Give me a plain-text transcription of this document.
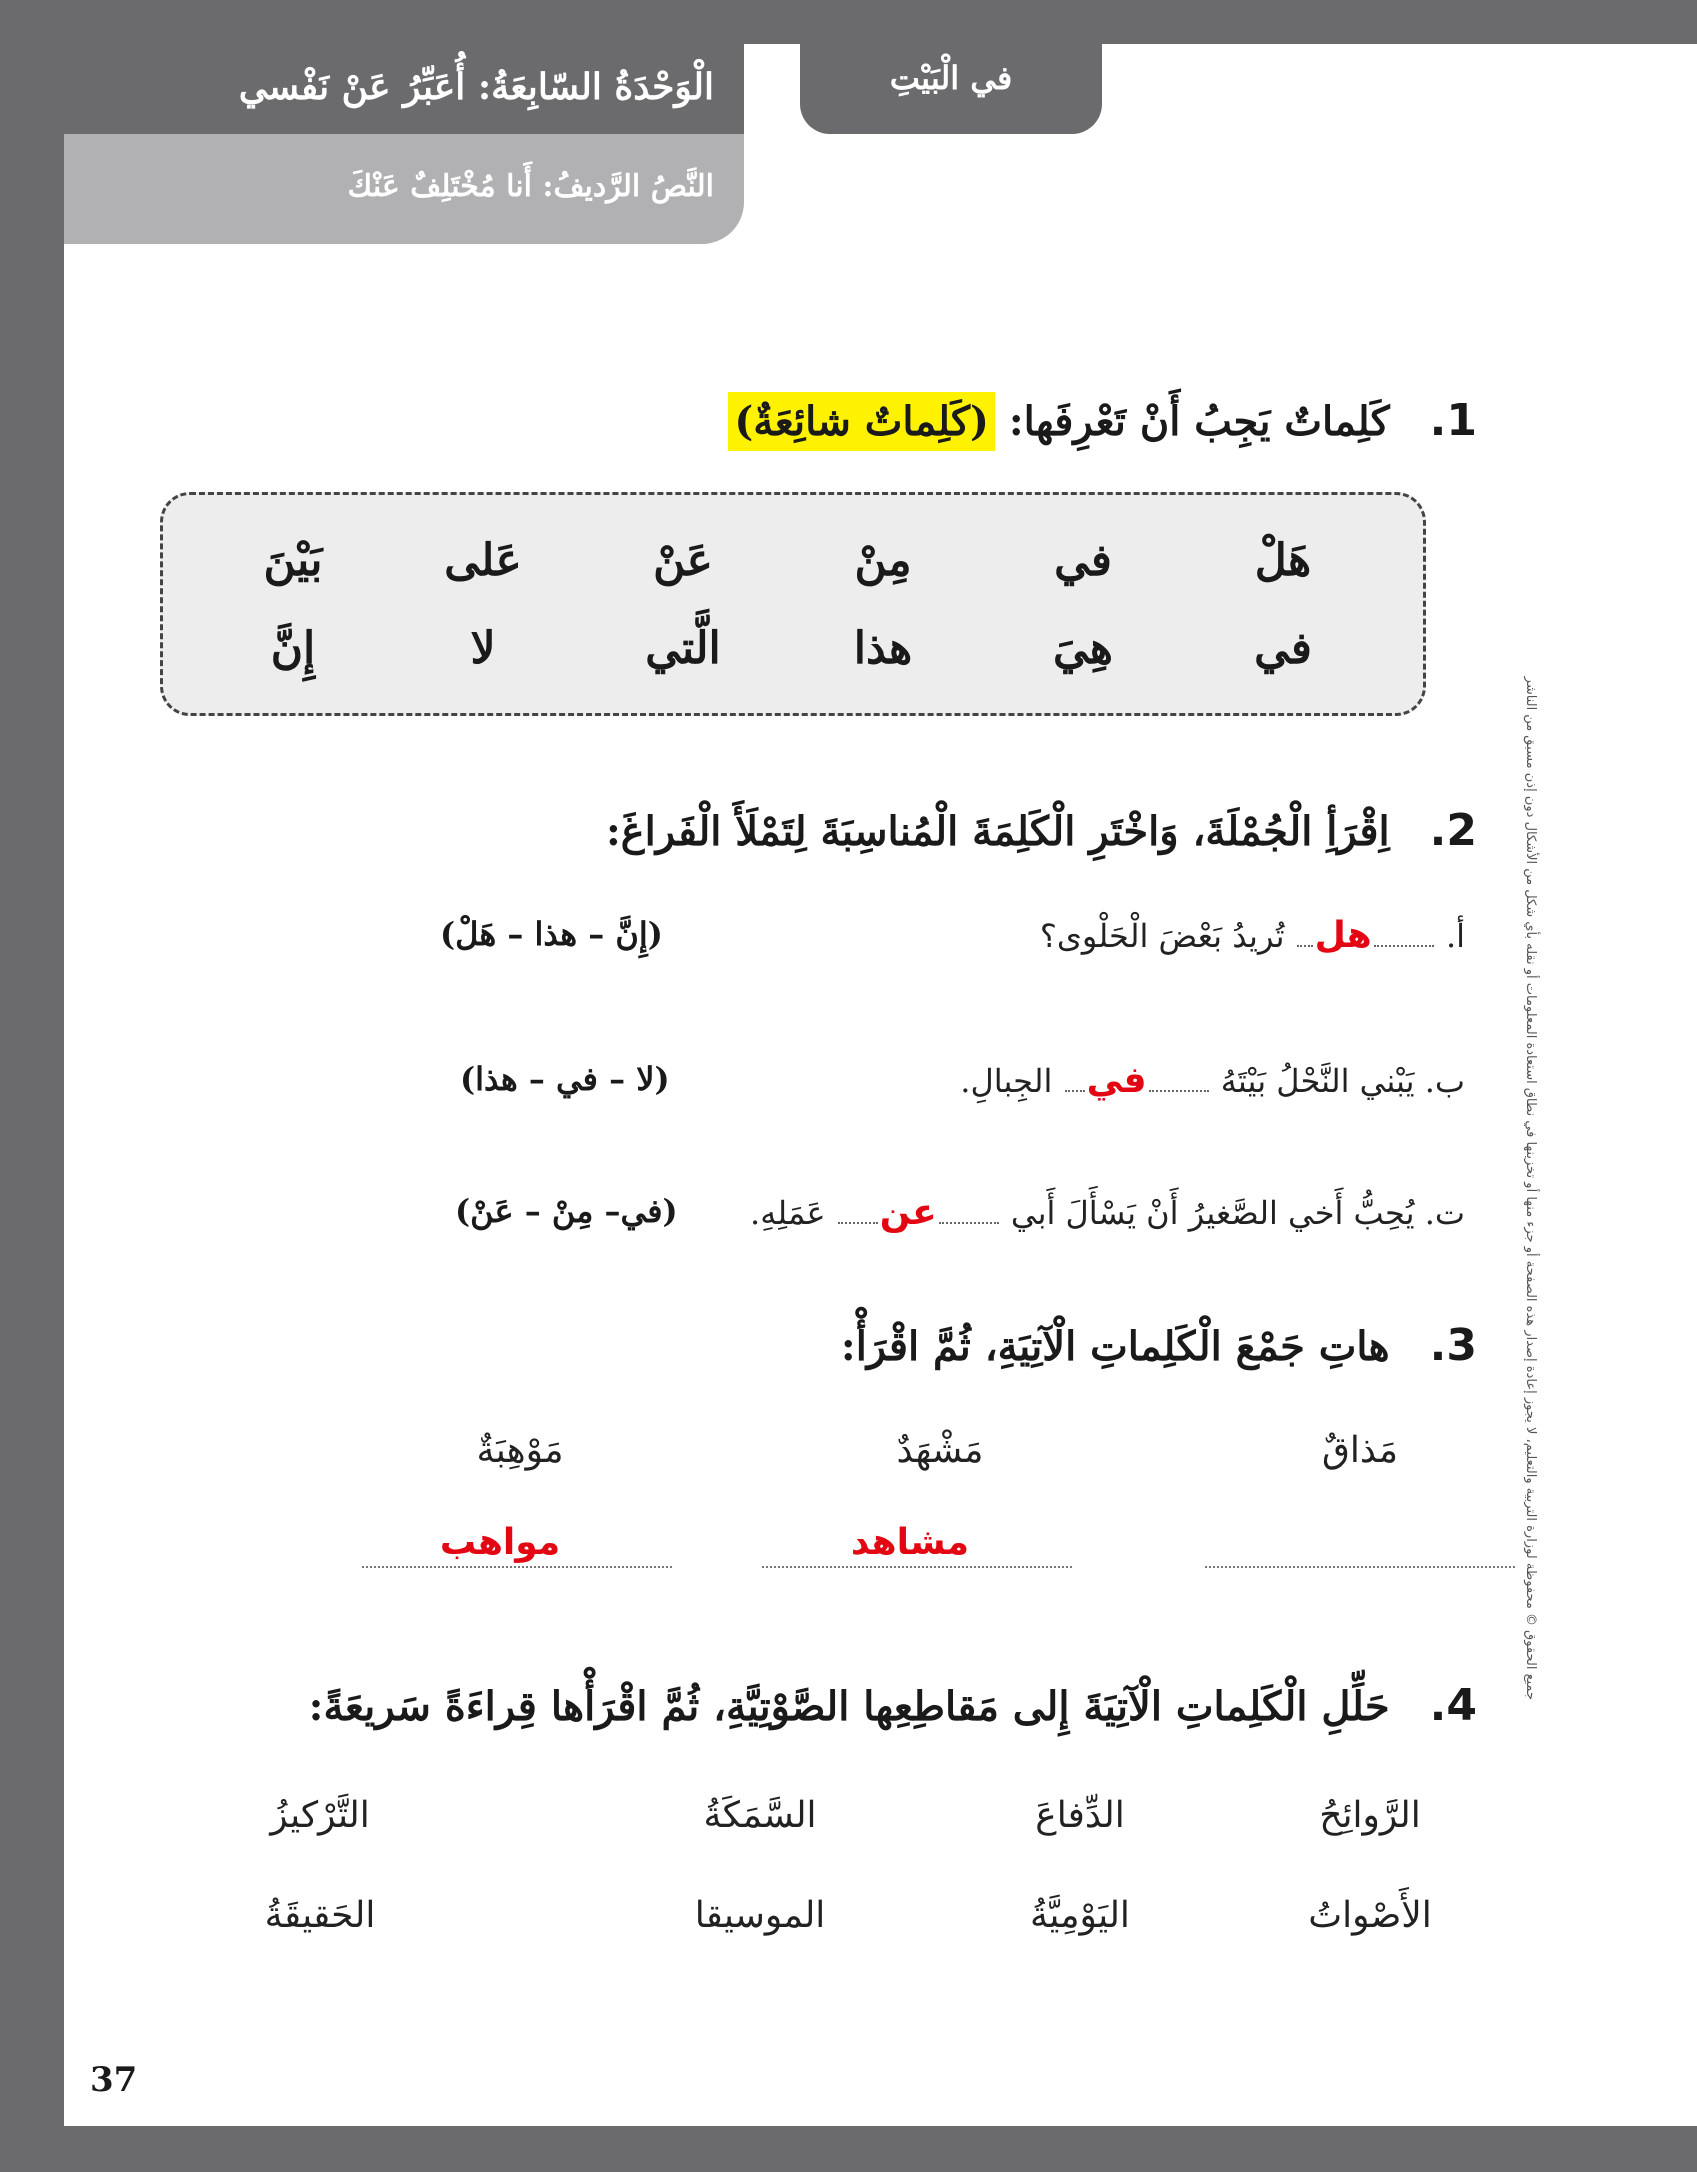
الْوَحْدَةُ السّابِعَةُ: أُعَبِّرُ عَنْ نَفْسي	في الْبَيْتِ
النَّصُ الرَّديفُ: أَنا مُخْتَلِفٌ عَنْكَ
1.كَلِماتٌ يَجِبُ أَنْ تَعْرِفَها: (كَلِماتٌ شائِعَةٌ)
هَلْ
في
مِنْ
عَنْ
عَلى
بَيْنَ
في
هِيَ
هذا
الَّتي
لا
إِنَّ
2.اِقْرَأِ الْجُمْلَةَ، وَاخْتَرِ الْكَلِمَةَ الْمُناسِبَةَ لِتَمْلَأَ الْفَراغَ:
أ. هل تُريدُ بَعْضَ الْحَلْوى؟
(إِنَّ – هذا – هَلْ)
ب. يَبْني النَّحْلُ بَيْتَهُ في الجِبالِ.
(لا – في – هذا)
ت. يُحِبُّ أَخي الصَّغيرُ أَنْ يَسْأَلَ أَبي عن عَمَلِهِ.
(في– مِنْ – عَنْ)
3.هاتِ جَمْعَ الْكَلِماتِ الْآتِيَةِ، ثُمَّ اقْرَأْ:
مَذاقٌ
مَشْهَدٌ
مَوْهِبَةٌ
مشاهد
مواهب
4.حَلِّلِ الْكَلِماتِ الْآتِيَةَ إِلى مَقاطِعِها الصَّوْتِيَّةِ، ثُمَّ اقْرَأْها قِراءَةً سَريعَةً:
الرَّوائِحُ
الدِّفاعَ
السَّمَكَةُ
التَّرْكيزُ
الأَصْواتُ
اليَوْمِيَّةُ
الموسيقا
الحَقيقَةُ
37
جميع الحقوق © محفوظة لوزارة التربية والتعليم، لا يجوز إعادة إصدار هذه الصفحة أو جزء منها أو تخزينها في نطاق استعادة المعلومات أو نقله بأي شكل من الأشكال دون إذن مسبق من الناشر
